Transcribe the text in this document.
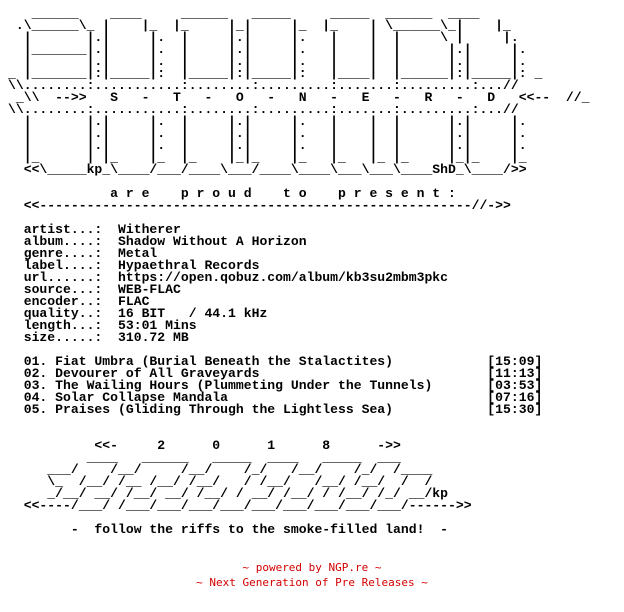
______    ____     ______   _____     _____  ______  ____
.\______\_ |    |_  |_     |_|     |_  |_    | \______\_|    |_
|       |.|     |.  |     |.|     |.   |    |  |     \ |     |.
|_______|.|     |.  |     |.|     |.   |    |  |      |.|     |.
|       |.|     |.  |     |.|     |.   |    |  |      |.|     |.
_ |_______|:|_____|:  |_____|:|_____|:   |____|  |______|:|_____|: _
\\........:...........:........:.........:.......:.........:...//
_\\  -->>   S   -   T   -   O   -   N   -   E   -   R   -   D   <<--  //_
\\........:...........:........:.........:.......:.........:...//
|       |.|     |.  |     |.|     |.   |    |  |      |.|     |.
|       |.|     |.  |     |.|     |.   |    |  |      |.|     |.
|       |.|     |.  |     |.|     |.   |    |  |      |.|     |.
|_      | |_    |_  |_    |_|_    |_   |_   |_ |_     |_|_    |_
<<\_____kp_\____/___/____\___/____\____\___\___\____ShD_\____/>>

a r e    p r o u d    t o    p r e s e n t :
<<-------------------------------------------------------//->>

artist...:  Witherer
album....:  Shadow Without A Horizon
genre....:  Metal
label....:  Hypaethral Records
url......:  https://open.qobuz.com/album/kb3su2mbm3pkc
source...:  WEB-FLAC
encoder..:  FLAC
quality..:  16 BIT   / 44.1 kHz
length...:  53:01 Mins
size.....:  310.72 MB

01. Fiat Umbra (Burial Beneath the Stalactites)            [15:09]
02. Devourer of All Graveyards                             [11:13]
03. The Wailing Hours (Plummeting Under the Tunnels)       [03:53]
04. Solar Collapse Mandala                                 [07:16]
05. Praises (Gliding Through the Lightless Sea)            [15:30]

<<-     2      0      1      8      ->>
____   ______   _____  ____   _____  ___
___/    /__/     /__/    /_/   /__/    /_/  /____
\_  /__/ /__ /__/ /__/   / /__/   /__/ /__/  /  /
_/__/ __/ /__/ __/ /__/ / __/ /__/ / /__/ /_/ __/kp
<<----/___/ /___/___/___/___/___/___/___/___/___/------>>

-  follow the riffs to the smoke-filled land!  -
~ powered by NGP.re ~
~ Next Generation of Pre Releases ~
